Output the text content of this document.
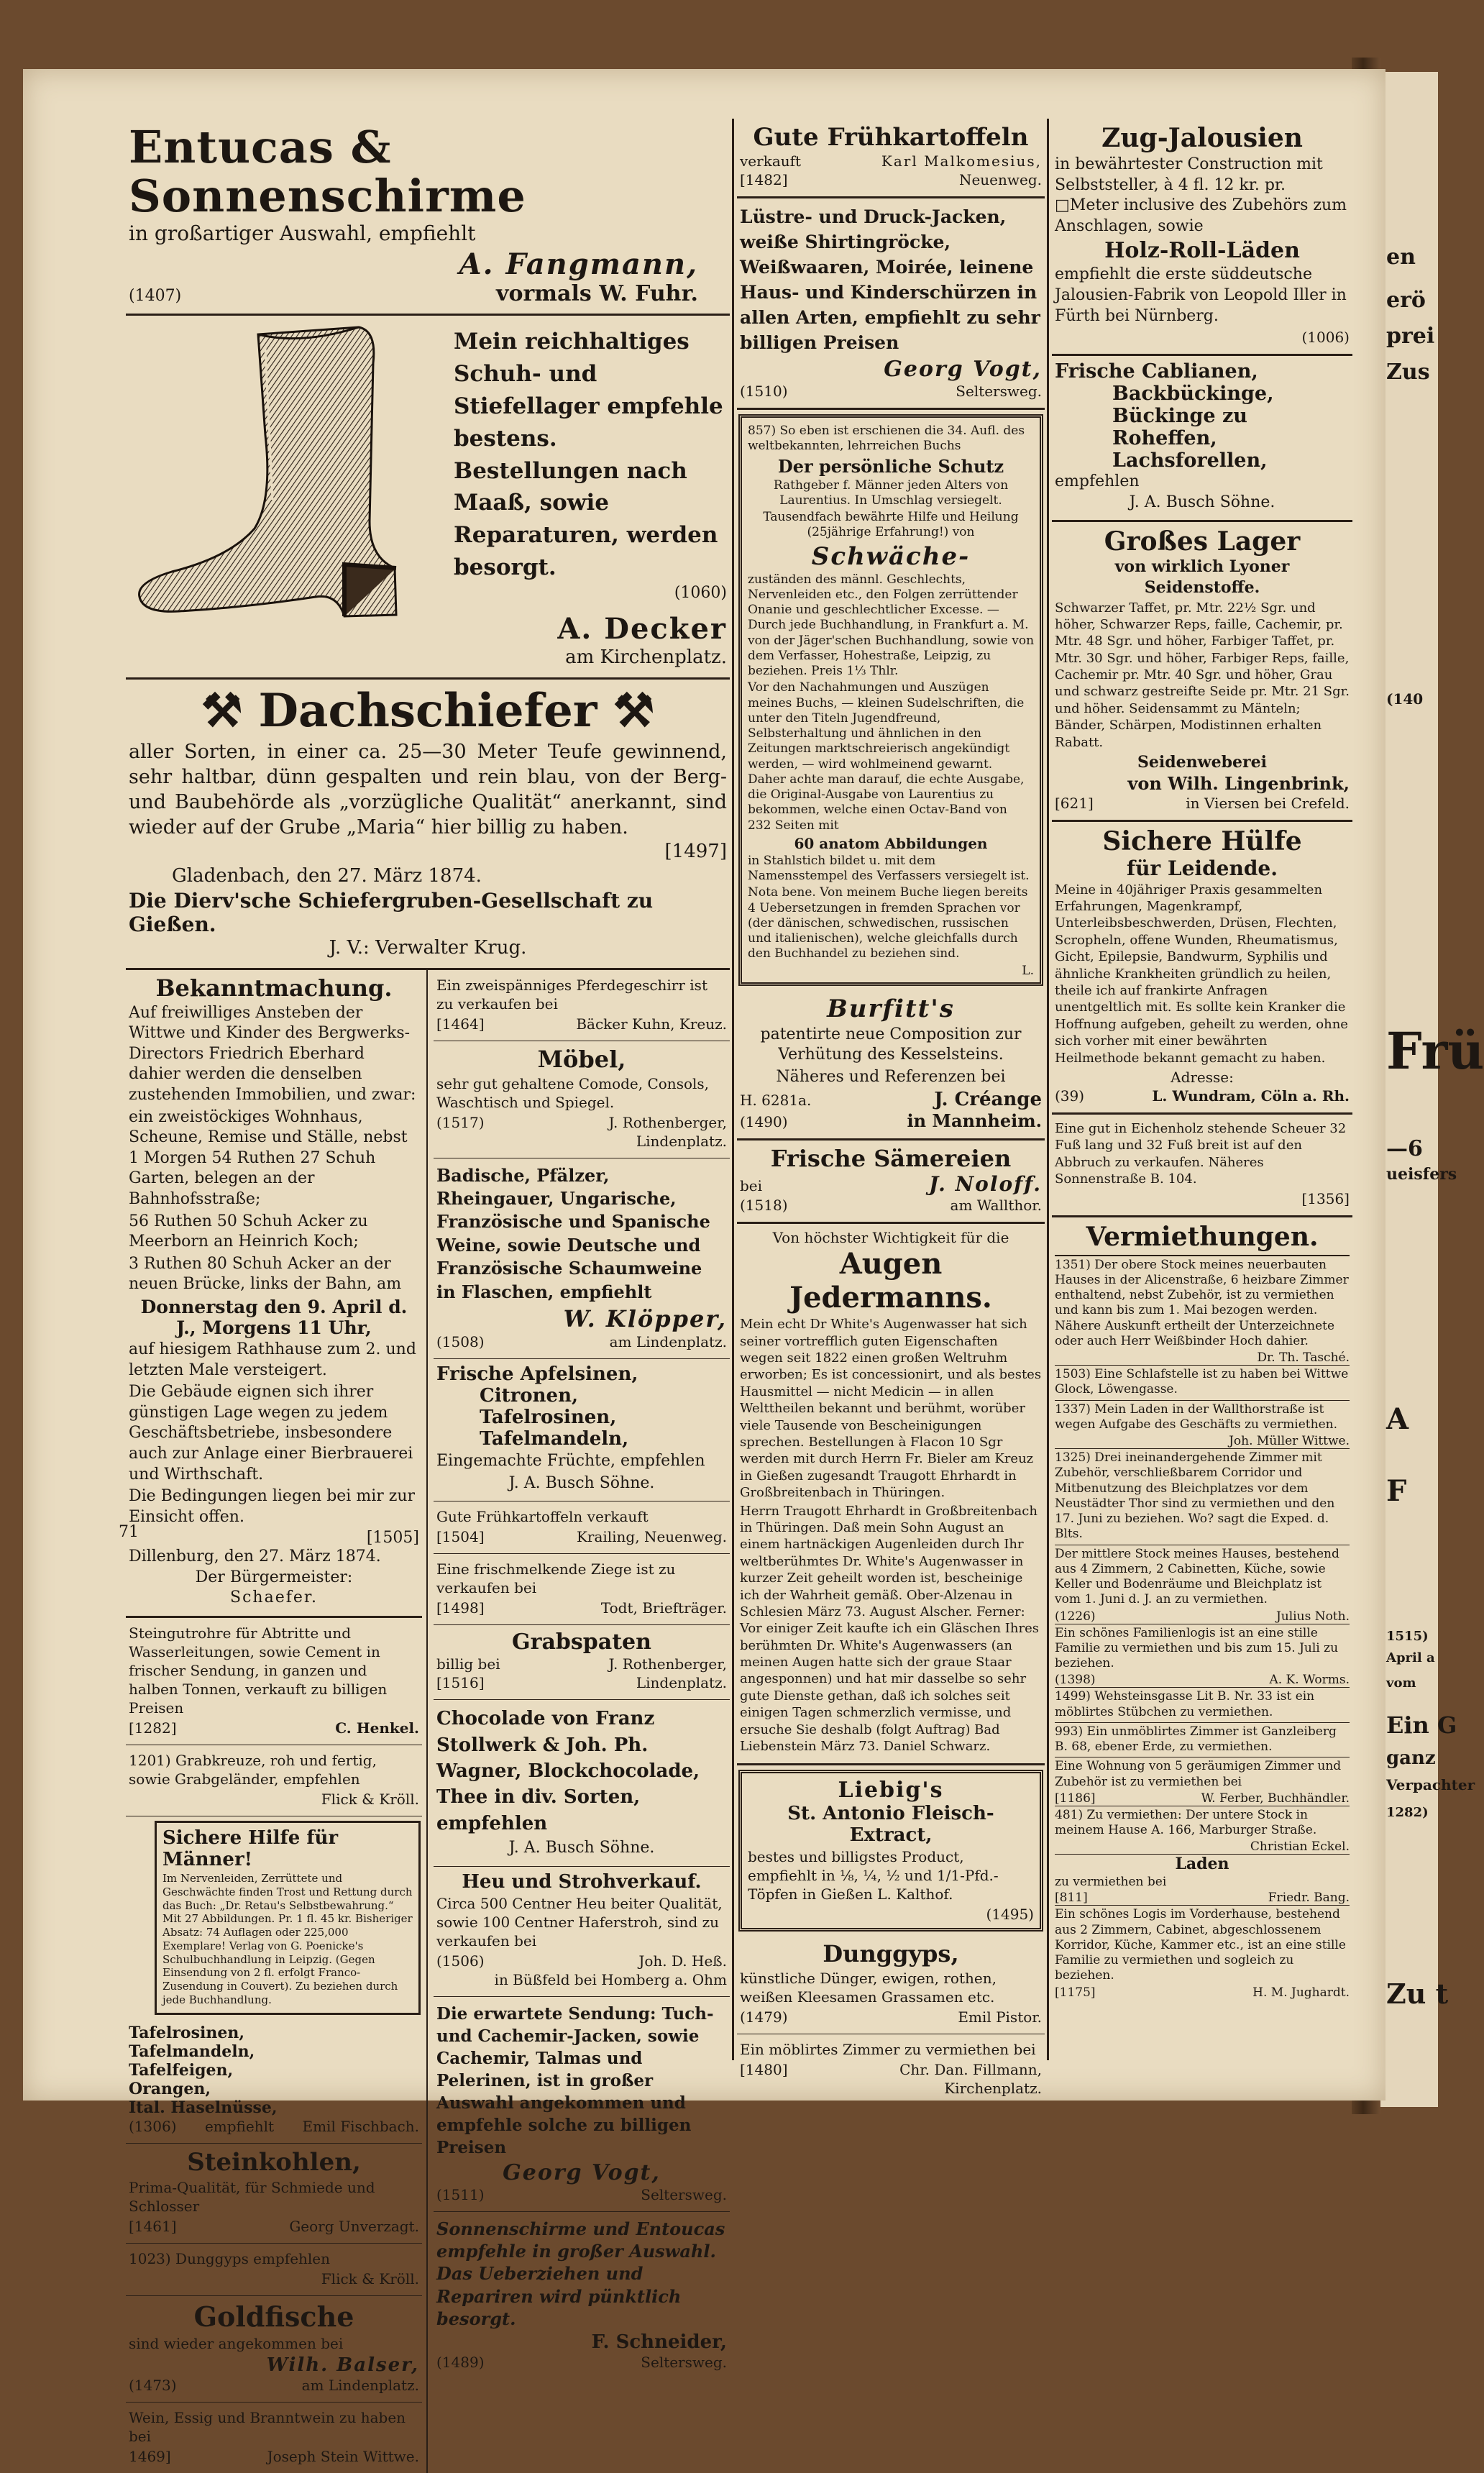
en
erö
prei
Zus
(140
Frü
—6
ueisfers
A
F
1515)
April a
vom
Ein G
ganz
Verpachter
1282)
Zu t
71
Entucas & Sonnenschirme
in großartiger Auswahl, empfiehlt
A. Fangmann,
(1407)	vormals W. Fuhr.
Mein reichhaltiges Schuh- und Stiefellager empfehle bestens. Bestellungen nach Maaß, sowie Reparaturen, werden besorgt.
(1060)
A. Decker
am Kirchenplatz.
⚒ Dachschiefer ⚒
aller Sorten, in einer ca. 25—30 Meter Teufe gewinnend, sehr haltbar, dünn gespalten und rein blau, von der Berg- und Baubehörde als „vorzügliche Qualität“ anerkannt, sind wieder auf der Grube „Maria“ hier billig zu haben.
[1497]
Gladenbach, den 27. März 1874.
Die Dierv'sche Schiefergruben-Gesellschaft zu Gießen.
J. V.: Verwalter Krug.
Bekanntmachung.

Auf freiwilliges Ansteben der Wittwe und Kinder des Bergwerks-Directors Friedrich Eberhard dahier werden die denselben zustehenden Immobilien, und zwar:

ein zweistöckiges Wohnhaus, Scheune, Remise und Ställe, nebst 1 Morgen 54 Ruthen 27 Schuh Garten, belegen an der Bahnhofsstraße;

56 Ruthen 50 Schuh Acker zu Meerborn an Heinrich Koch;

3 Ruthen 80 Schuh Acker an der neuen Brücke, links der Bahn, am

Donnerstag den 9. April d. J., Morgens 11 Uhr,

auf hiesigem Rathhause zum 2. und letzten Male versteigert.

Die Gebäude eignen sich ihrer günstigen Lage wegen zu jedem Geschäftsbetriebe, insbesondere auch zur Anlage einer Bierbrauerei und Wirthschaft.

Die Bedingungen liegen bei mir zur Einsicht offen.

[1505]
Dillenburg, den 27. März 1874.
Der Bürgermeister:
Schaefer.

Steingutrohre für Abtritte und Wasserleitungen, sowie Cement in frischer Sendung, in ganzen und halben Tonnen, verkauft zu billigen Preisen

[1282]	C. Henkel.

1201) Grabkreuze, roh und fertig, sowie Grabgeländer, empfehlen

Flick & Kröll.
Sichere Hilfe für Männer!

Im Nervenleiden, Zerrüttete und Geschwächte finden Trost und Rettung durch das Buch: „Dr. Retau's Selbstbewahrung.“ Mit 27 Abbildungen. Pr. 1 fl. 45 kr. Bisheriger Absatz: 74 Auflagen oder 225,000 Exemplare! Verlag von G. Poenicke's Schulbuchhandlung in Leipzig. (Gegen Einsendung von 2 fl. erfolgt Franco-Zusendung in Couvert). Zu beziehen durch jede Buchhandlung.

Tafelrosinen,
Tafelmandeln,
Tafelfeigen,
Orangen,
Ital. Haselnüsse,
(1306) empfiehlt Emil Fischbach.
Steinkohlen,

Prima-Qualität, für Schmiede und Schlosser

[1461]	Georg Unverzagt.

1023) Dunggyps empfehlen

Flick & Kröll.
Goldfische

sind wieder angekommen bei

Wilh. Balser,
(1473)	am Lindenplatz.

Wein, Essig und Branntwein zu haben bei

1469]	Joseph Stein Wittwe.

Ein zweispänniges Pferdegeschirr ist zu verkaufen bei

[1464]	Bäcker Kuhn, Kreuz.
Möbel,

sehr gut gehaltene Comode, Consols, Waschtisch und Spiegel.

(1517)	J. Rothenberger,
Lindenplatz.

Badische, Pfälzer, Rheingauer, Ungarische, Französische und Spanische Weine, sowie Deutsche und Französische Schaumweine in Flaschen, empfiehlt

W. Klöpper,
(1508)	am Lindenplatz.
Frische Apfelsinen,
Citronen,
Tafelrosinen,
Tafelmandeln,

Eingemachte Früchte, empfehlen

J. A. Busch Söhne.

Gute Frühkartoffeln verkauft

[1504]	Krailing, Neuenweg.

Eine frischmelkende Ziege ist zu verkaufen bei

[1498]	Todt, Briefträger.
Grabspaten
billig bei	J. Rothenberger,
[1516]	Lindenplatz.

Chocolade von Franz Stollwerk & Joh. Ph. Wagner, Blockchocolade, Thee in div. Sorten, empfehlen

J. A. Busch Söhne.
Heu und Strohverkauf.

Circa 500 Centner Heu beiter Qualität, sowie 100 Centner Haferstroh, sind zu verkaufen bei

(1506)	Joh. D. Heß.
in Büßfeld bei Homberg a. Ohm

Die erwartete Sendung: Tuch- und Cachemir-Jacken, sowie Cachemir, Talmas und Pelerinen, ist in großer Auswahl angekommen und empfehle solche zu billigen Preisen

Georg Vogt,
(1511)	Seltersweg.

Sonnenschirme und Entoucas empfehle in großer Auswahl. Das Ueberziehen und Repariren wird pünktlich besorgt.

F. Schneider,
(1489)	Seltersweg.
Gute Frühkartoffeln
verkauft	Karl Malkomesius,
[1482]	Neuenweg.

Lüstre- und Druck-Jacken, weiße Shirtingröcke, Weißwaaren, Moirée, leinene Haus- und Kinderschürzen in allen Arten, empfiehlt zu sehr billigen Preisen

Georg Vogt,
(1510)	Seltersweg.

857) So eben ist erschienen die 34. Aufl. des weltbekannten, lehrreichen Buchs

Der persönliche Schutz

Rathgeber f. Männer jeden Alters von Laurentius. In Umschlag versiegelt.

Tausendfach bewährte Hilfe und Heilung (25jährige Erfahrung!) von

Schwäche-

zuständen des männl. Geschlechts, Nervenleiden etc., den Folgen zerrüttender Onanie und geschlechtlicher Excesse. — Durch jede Buchhandlung, in Frankfurt a. M. von der Jäger'schen Buchhandlung, sowie von dem Verfasser, Hohestraße, Leipzig, zu beziehen. Preis 1⅓ Thlr.

Vor den Nachahmungen und Auszügen meines Buchs, — kleinen Sudelschriften, die unter den Titeln Jugendfreund, Selbsterhaltung und ähnlichen in den Zeitungen marktschreierisch angekündigt werden, — wird wohlmeinend gewarnt. Daher achte man darauf, die echte Ausgabe, die Original-Ausgabe von Laurentius zu bekommen, welche einen Octav-Band von 232 Seiten mit

60 anatom Abbildungen

in Stahlstich bildet u. mit dem Namensstempel des Verfassers versiegelt ist.

Nota bene. Von meinem Buche liegen bereits 4 Uebersetzungen in fremden Sprachen vor (der dänischen, schwedischen, russischen und italienischen), welche gleichfalls durch den Buchhandel zu beziehen sind.

L.
Burfitt's

patentirte neue Composition zur Verhütung des Kesselsteins.

Näheres und Referenzen bei

H. 6281a.	J. Créange
(1490)	in Mannheim.
Frische Sämereien
bei	J. Noloff.
(1518)	am Wallthor.
Von höchster Wichtigkeit für die
Augen Jedermanns.

Mein echt Dr White's Augenwasser hat sich seiner vortrefflich guten Eigenschaften wegen seit 1822 einen großen Weltruhm erworben; Es ist concessionirt, und als bestes Hausmittel — nicht Medicin — in allen Welttheilen bekannt und berühmt, worüber viele Tausende von Bescheinigungen sprechen. Bestellungen à Flacon 10 Sgr werden mit durch Herrn Fr. Bieler am Kreuz in Gießen zugesandt Traugott Ehrhardt in Großbreitenbach in Thüringen.

Herrn Traugott Ehrhardt in Großbreitenbach in Thüringen. Daß mein Sohn August an einem hartnäckigen Augenleiden durch Ihr weltberühmtes Dr. White's Augenwasser in kurzer Zeit geheilt worden ist, bescheinige ich der Wahrheit gemäß. Ober-Alzenau in Schlesien März 73. August Alscher. Ferner: Vor einiger Zeit kaufte ich ein Gläschen Ihres berühmten Dr. White's Augenwassers (an meinen Augen hatte sich der graue Staar angesponnen) und hat mir dasselbe so sehr gute Dienste gethan, daß ich solches seit einigen Tagen schmerzlich vermisse, und ersuche Sie deshalb (folgt Auftrag) Bad Liebenstein März 73. Daniel Schwarz.

Liebig's
St. Antonio Fleisch-Extract,

bestes und billigstes Product, empfiehlt in ⅛, ¼, ½ und 1/1-Pfd.-Töpfen in Gießen L. Kalthof.

(1495)
Dunggyps,

künstliche Dünger, ewigen, rothen, weißen Kleesamen Grassamen etc.

(1479)	Emil Pistor.

Ein möblirtes Zimmer zu vermiethen bei

[1480]	Chr. Dan. Fillmann,
Kirchenplatz.
Zug-Jalousien

in bewährtester Construction mit Selbststeller, à 4 fl. 12 kr. pr. □Meter inclusive des Zubehörs zum Anschlagen, sowie

Holz-Roll-Läden

empfiehlt die erste süddeutsche Jalousien-Fabrik von Leopold Iller in Fürth bei Nürnberg.

(1006)
Frische Cablianen,
Backbückinge,
Bückinge zu Roheffen,
Lachsforellen,
empfehlen
J. A. Busch Söhne.
Großes Lager
von wirklich Lyoner Seidenstoffe.

Schwarzer Taffet, pr. Mtr. 22½ Sgr. und höher, Schwarzer Reps, faille, Cachemir, pr. Mtr. 48 Sgr. und höher, Farbiger Taffet, pr. Mtr. 30 Sgr. und höher, Farbiger Reps, faille, Cachemir pr. Mtr. 40 Sgr. und höher, Grau und schwarz gestreifte Seide pr. Mtr. 21 Sgr. und höher. Seidensammt zu Mänteln; Bänder, Schärpen, Modistinnen erhalten Rabatt.

Seidenweberei
von Wilh. Lingenbrink,
[621]	in Viersen bei Crefeld.
Sichere Hülfe
für Leidende.

Meine in 40jähriger Praxis gesammelten Erfahrungen, Magenkrampf, Unterleibsbeschwerden, Drüsen, Flechten, Scropheln, offene Wunden, Rheumatismus, Gicht, Epilepsie, Bandwurm, Syphilis und ähnliche Krankheiten gründlich zu heilen, theile ich auf frankirte Anfragen unentgeltlich mit. Es sollte kein Kranker die Hoffnung aufgeben, geheilt zu werden, ohne sich vorher mit einer bewährten Heilmethode bekannt gemacht zu haben.

Adresse:
(39)	L. Wundram, Cöln a. Rh.

Eine gut in Eichenholz stehende Scheuer 32 Fuß lang und 32 Fuß breit ist auf den Abbruch zu verkaufen. Näheres Sonnenstraße B. 104.

[1356]
Vermiethungen.

1351) Der obere Stock meines neuerbauten Hauses in der Alicenstraße, 6 heizbare Zimmer enthaltend, nebst Zubehör, ist zu vermiethen und kann bis zum 1. Mai bezogen werden. Nähere Auskunft ertheilt der Unterzeichnete oder auch Herr Weißbinder Hoch dahier.

Dr. Th. Tasché.

1503) Eine Schlafstelle ist zu haben bei Wittwe Glock, Löwengasse.

1337) Mein Laden in der Wallthorstraße ist wegen Aufgabe des Geschäfts zu vermiethen.

Joh. Müller Wittwe.

1325) Drei ineinandergehende Zimmer mit Zubehör, verschließbarem Corridor und Mitbenutzung des Bleichplatzes vor dem Neustädter Thor sind zu vermiethen und den 17. Juni zu beziehen. Wo? sagt die Exped. d. Blts.

Der mittlere Stock meines Hauses, bestehend aus 4 Zimmern, 2 Cabinetten, Küche, sowie Keller und Bodenräume und Bleichplatz ist vom 1. Juni d. J. an zu vermiethen.

(1226)	Julius Noth.

Ein schönes Familienlogis ist an eine stille Familie zu vermiethen und bis zum 15. Juli zu beziehen.

(1398)	A. K. Worms.

1499) Wehsteinsgasse Lit B. Nr. 33 ist ein möblirtes Stübchen zu vermiethen.

993) Ein unmöblirtes Zimmer ist Ganzleiberg B. 68, ebener Erde, zu vermiethen.

Eine Wohnung von 5 geräumigen Zimmer und Zubehör ist zu vermiethen bei

[1186]	W. Ferber, Buchhändler.

481) Zu vermiethen: Der untere Stock in meinem Hause A. 166, Marburger Straße.

Christian Eckel.
Laden

zu vermiethen bei

[811]	Friedr. Bang.

Ein schönes Logis im Vorderhause, bestehend aus 2 Zimmern, Cabinet, abgeschlossenem Korridor, Küche, Kammer etc., ist an eine stille Familie zu vermiethen und sogleich zu beziehen.

[1175]	H. M. Jughardt.
